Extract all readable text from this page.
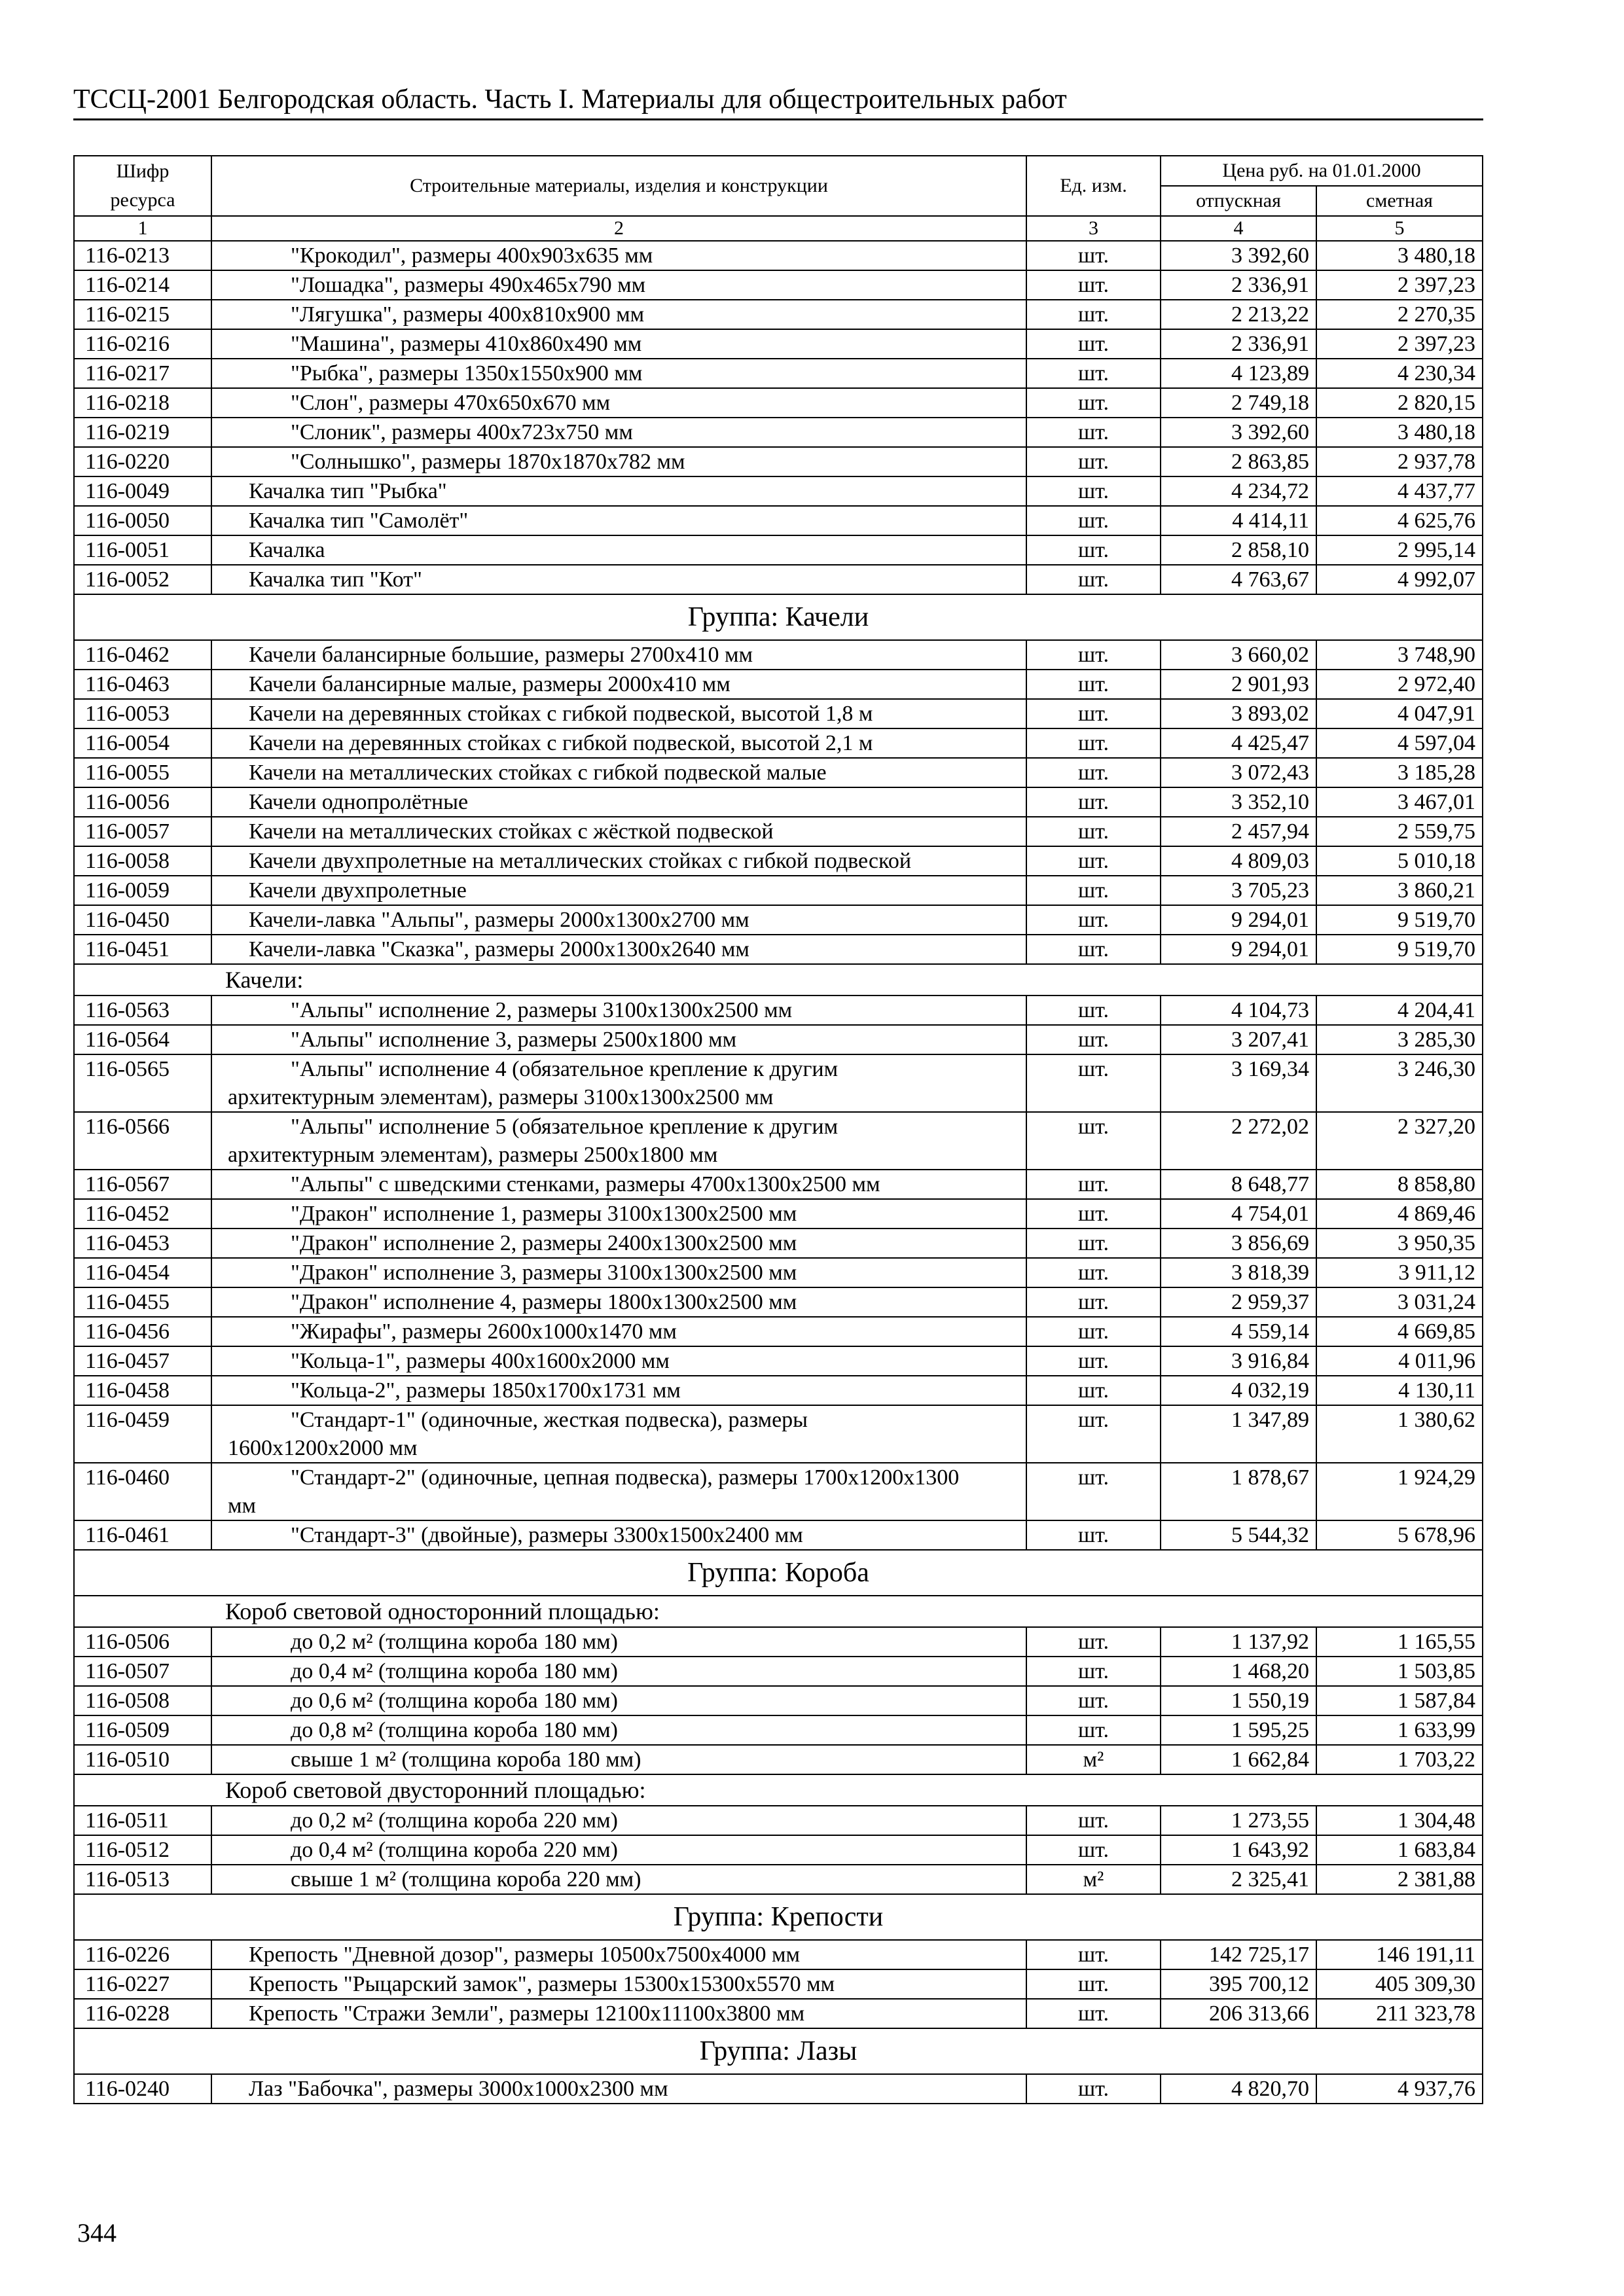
ТССЦ-2001 Белгородская область. Часть I. Материалы для общестроительных работ
Шифр ресурса	Строительные материалы, изделия и конструкции	Ед. изм.	Цена руб. на 01.01.2000	
			отпускная	сметная
1	2	3	4	5
116-0213	"Крокодил", размеры 400х903х635 мм	шт.	3 392,60	3 480,18
116-0214	"Лошадка", размеры 490х465х790 мм	шт.	2 336,91	2 397,23
116-0215	"Лягушка", размеры 400х810х900 мм	шт.	2 213,22	2 270,35
116-0216	"Машина", размеры 410х860х490 мм	шт.	2 336,91	2 397,23
116-0217	"Рыбка", размеры 1350х1550х900 мм	шт.	4 123,89	4 230,34
116-0218	"Слон", размеры 470х650х670 мм	шт.	2 749,18	2 820,15
116-0219	"Слоник", размеры 400х723х750 мм	шт.	3 392,60	3 480,18
116-0220	"Солнышко", размеры 1870х1870х782 мм	шт.	2 863,85	2 937,78
116-0049	Качалка тип "Рыбка"	шт.	4 234,72	4 437,77
116-0050	Качалка тип "Самолёт"	шт.	4 414,11	4 625,76
116-0051	Качалка	шт.	2 858,10	2 995,14
116-0052	Качалка тип "Кот"	шт.	4 763,67	4 992,07
Группа: Качели				
116-0462	Качели балансирные большие, размеры 2700х410 мм	шт.	3 660,02	3 748,90
116-0463	Качели балансирные малые, размеры 2000х410 мм	шт.	2 901,93	2 972,40
116-0053	Качели на деревянных стойках с гибкой подвеской, высотой 1,8 м	шт.	3 893,02	4 047,91
116-0054	Качели на деревянных стойках с гибкой подвеской, высотой 2,1 м	шт.	4 425,47	4 597,04
116-0055	Качели на металлических стойках с гибкой подвеской малые	шт.	3 072,43	3 185,28
116-0056	Качели однопролётные	шт.	3 352,10	3 467,01
116-0057	Качели на металлических стойках с жёсткой подвеской	шт.	2 457,94	2 559,75
116-0058	Качели двухпролетные на металлических стойках с гибкой подвеской	шт.	4 809,03	5 010,18
116-0059	Качели двухпролетные	шт.	3 705,23	3 860,21
116-0450	Качели-лавка "Альпы", размеры 2000х1300х2700 мм	шт.	9 294,01	9 519,70
116-0451	Качели-лавка "Сказка", размеры 2000х1300х2640 мм	шт.	9 294,01	9 519,70
Качели:				
116-0563	"Альпы" исполнение 2, размеры 3100х1300х2500 мм	шт.	4 104,73	4 204,41
116-0564	"Альпы" исполнение 3, размеры 2500х1800 мм	шт.	3 207,41	3 285,30
116-0565	"Альпы" исполнение 4 (обязательное крепление к другим
архитектурным элементам), размеры 3100х1300х2500 мм	шт.	3 169,34	3 246,30
116-0566	"Альпы" исполнение 5 (обязательное крепление к другим
архитектурным элементам), размеры 2500х1800 мм	шт.	2 272,02	2 327,20
116-0567	"Альпы" с шведскими стенками, размеры 4700х1300х2500 мм	шт.	8 648,77	8 858,80
116-0452	"Дракон" исполнение 1, размеры 3100х1300х2500 мм	шт.	4 754,01	4 869,46
116-0453	"Дракон" исполнение 2, размеры 2400х1300х2500 мм	шт.	3 856,69	3 950,35
116-0454	"Дракон" исполнение 3, размеры 3100х1300х2500 мм	шт.	3 818,39	3 911,12
116-0455	"Дракон" исполнение 4, размеры 1800х1300х2500 мм	шт.	2 959,37	3 031,24
116-0456	"Жирафы", размеры 2600х1000х1470 мм	шт.	4 559,14	4 669,85
116-0457	"Кольца-1", размеры 400х1600х2000 мм	шт.	3 916,84	4 011,96
116-0458	"Кольца-2", размеры 1850х1700х1731 мм	шт.	4 032,19	4 130,11
116-0459	"Стандарт-1" (одиночные, жесткая подвеска), размеры
1600х1200х2000 мм	шт.	1 347,89	1 380,62
116-0460	"Стандарт-2" (одиночные, цепная подвеска), размеры 1700х1200х1300
мм	шт.	1 878,67	1 924,29
116-0461	"Стандарт-3" (двойные), размеры 3300х1500х2400 мм	шт.	5 544,32	5 678,96
Группа: Короба				
Короб световой односторонний площадью:				
116-0506	до 0,2 м² (толщина короба 180 мм)	шт.	1 137,92	1 165,55
116-0507	до 0,4 м² (толщина короба 180 мм)	шт.	1 468,20	1 503,85
116-0508	до 0,6 м² (толщина короба 180 мм)	шт.	1 550,19	1 587,84
116-0509	до 0,8 м² (толщина короба 180 мм)	шт.	1 595,25	1 633,99
116-0510	свыше 1 м² (толщина короба 180 мм)	м²	1 662,84	1 703,22
Короб световой двусторонний площадью:				
116-0511	до 0,2 м² (толщина короба 220 мм)	шт.	1 273,55	1 304,48
116-0512	до 0,4 м² (толщина короба 220 мм)	шт.	1 643,92	1 683,84
116-0513	свыше 1 м² (толщина короба 220 мм)	м²	2 325,41	2 381,88
Группа: Крепости				
116-0226	Крепость "Дневной дозор", размеры 10500х7500х4000 мм	шт.	142 725,17	146 191,11
116-0227	Крепость "Рыцарский замок", размеры 15300х15300х5570 мм	шт.	395 700,12	405 309,30
116-0228	Крепость "Стражи Земли", размеры 12100х11100х3800 мм	шт.	206 313,66	211 323,78
Группа: Лазы				
116-0240	Лаз "Бабочка", размеры 3000х1000х2300 мм	шт.	4 820,70	4 937,76
344
